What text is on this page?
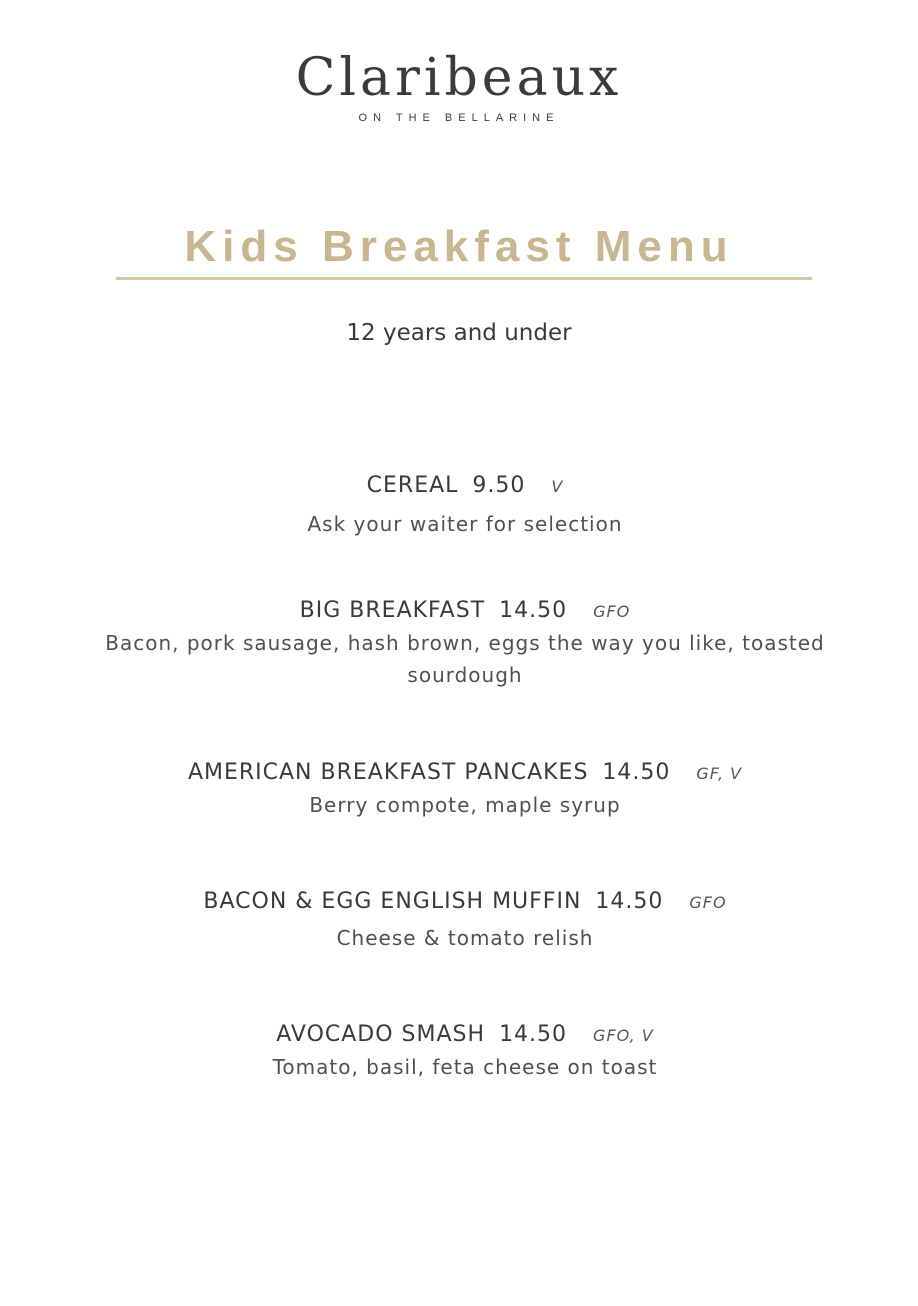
Claribeaux
ON THE BELLARINE
Kids Breakfast Menu
12 years and under
CEREAL 9.50 V
Ask your waiter for selection
BIG BREAKFAST 14.50 GFO
Bacon, pork sausage, hash brown, eggs the way you like, toasted sourdough
AMERICAN BREAKFAST PANCAKES 14.50 GF, V
Berry compote, maple syrup
BACON & EGG ENGLISH MUFFIN 14.50 GFO
Cheese & tomato relish
AVOCADO SMASH 14.50 GFO, V
Tomato, basil, feta cheese on toast
